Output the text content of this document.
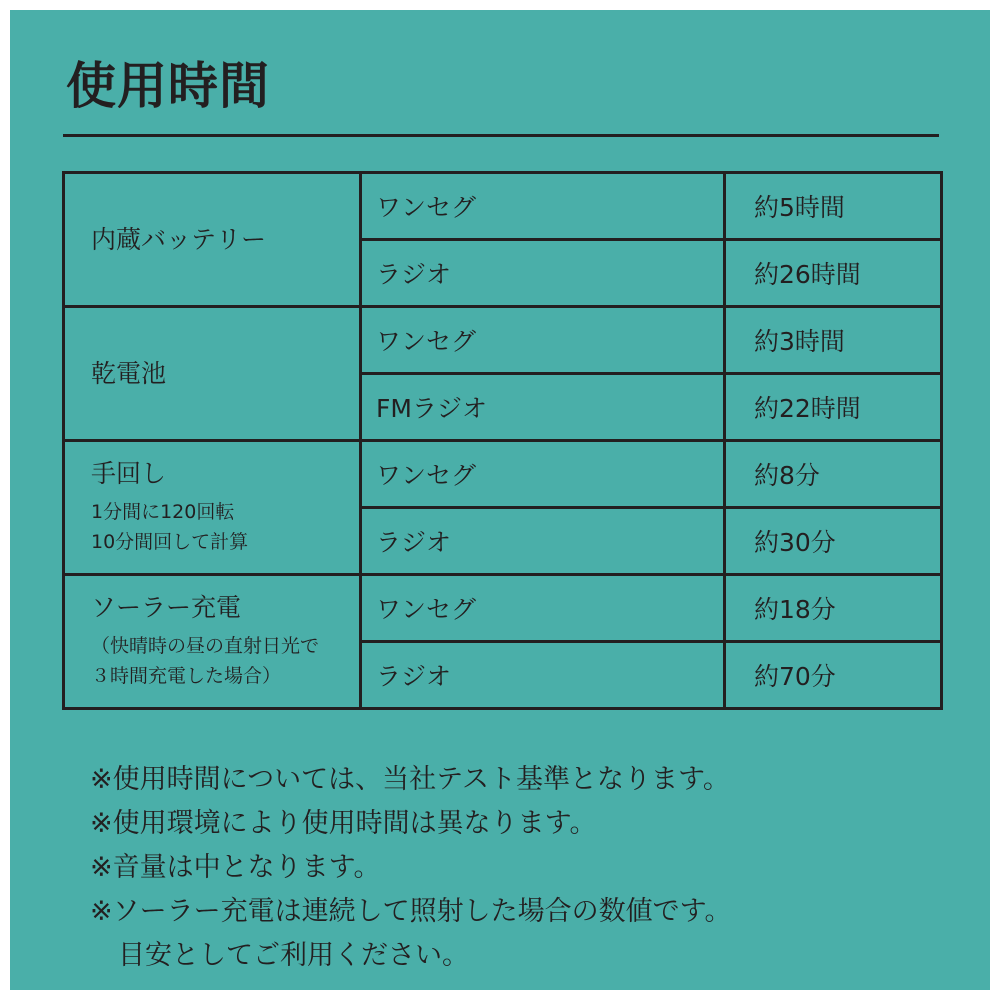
使用時間
内蔵バッテリー	ワンセグ	約5時間
	ラジオ	約26時間

乾電池	ワンセグ	約3時間
	FMラジオ	約22時間

手回し
1分間に120回転
10分間回して計算	ワンセグ	約8分
	ラジオ	約30分

ソーラー充電
（快晴時の昼の直射日光で
３時間充電した場合）	ワンセグ	約18分
	ラジオ	約70分
※使用時間については、当社テスト基準となります。
※使用環境により使用時間は異なります。
※音量は中となります。
※ソーラー充電は連続して照射した場合の数値です。
目安としてご利用ください。
